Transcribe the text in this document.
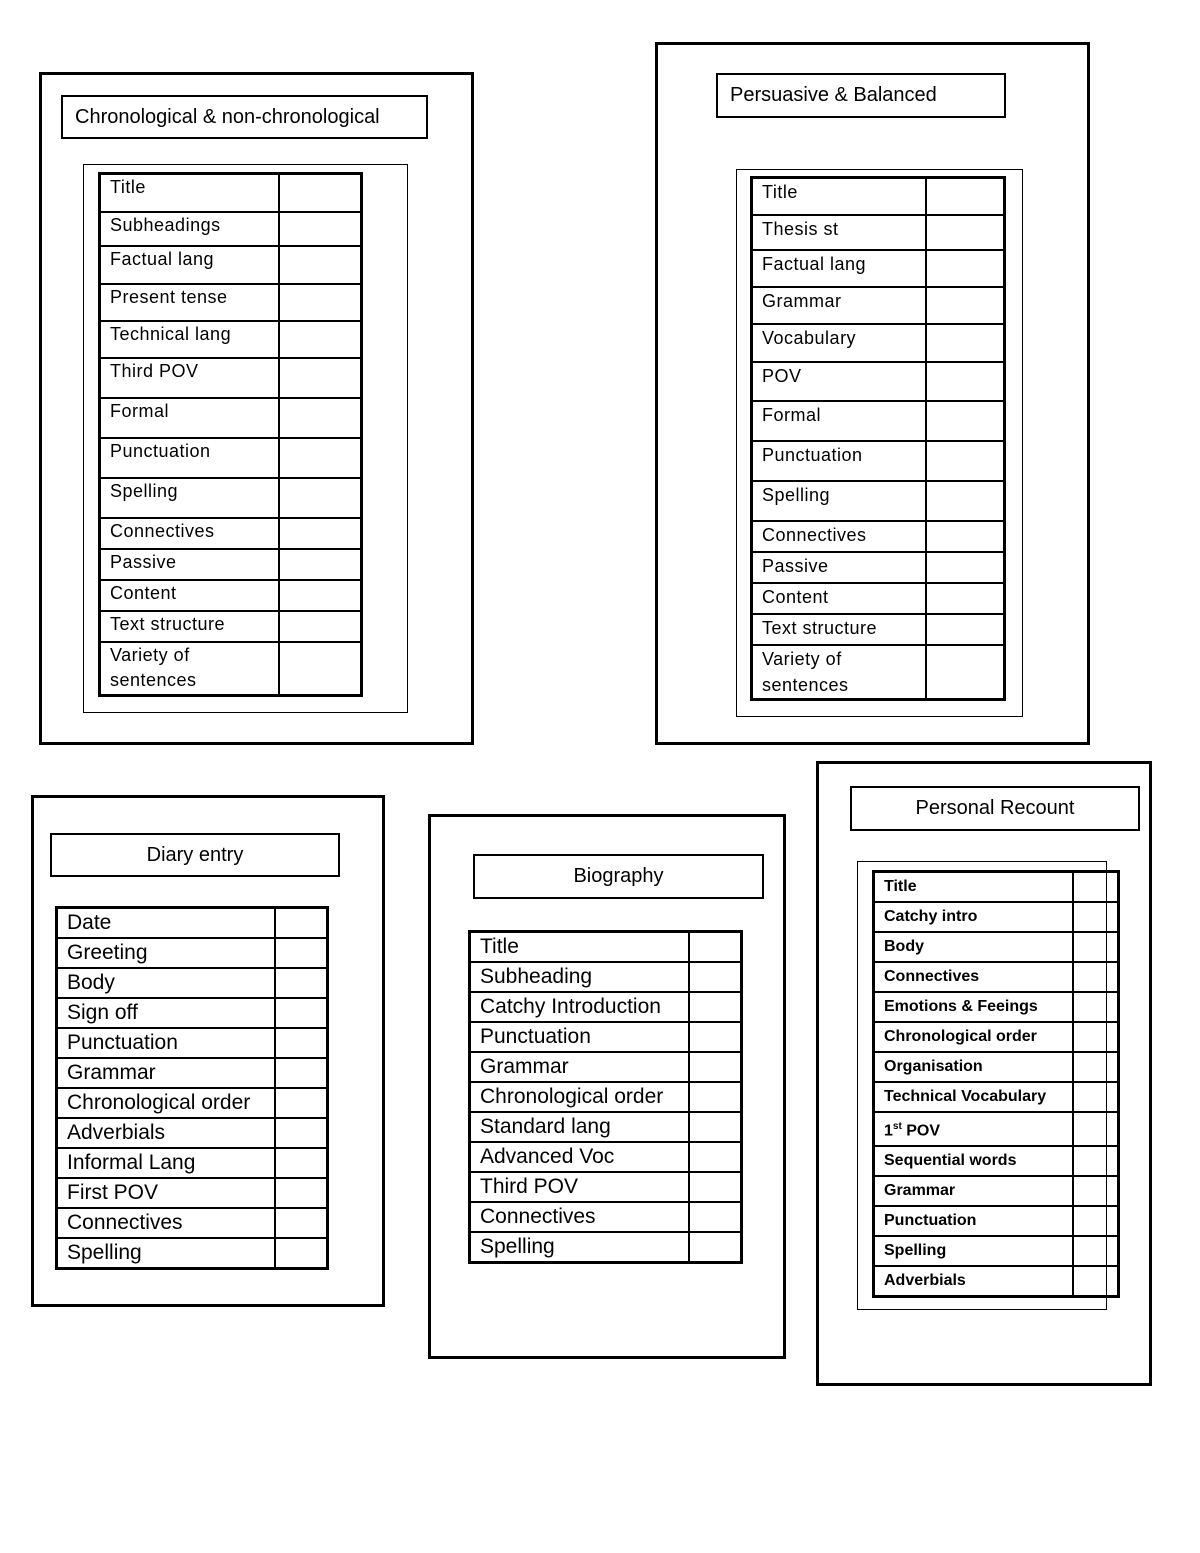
Chronological & non-chronological
Title	
Subheadings	
Factual lang	
Present tense	
Technical lang	
Third POV	
Formal	
Punctuation	
Spelling	
Connectives	
Passive	
Content	
Text structure	
Variety of sentences	
Persuasive & Balanced
Title	
Thesis st	
Factual lang	
Grammar	
Vocabulary	
POV	
Formal	
Punctuation	
Spelling	
Connectives	
Passive	
Content	
Text structure	
Variety of sentences	
Diary entry
Date	
Greeting	
Body	
Sign off	
Punctuation	
Grammar	
Chronological order	
Adverbials	
Informal Lang	
First POV	
Connectives	
Spelling	
Biography
Title	
Subheading	
Catchy Introduction	
Punctuation	
Grammar	
Chronological order	
Standard lang	
Advanced Voc	
Third POV	
Connectives	
Spelling	
Personal Recount
Title	
Catchy intro	
Body	
Connectives	
Emotions & Feeings	
Chronological order	
Organisation	
Technical Vocabulary	
1st POV	
Sequential words	
Grammar	
Punctuation	
Spelling	
Adverbials	
